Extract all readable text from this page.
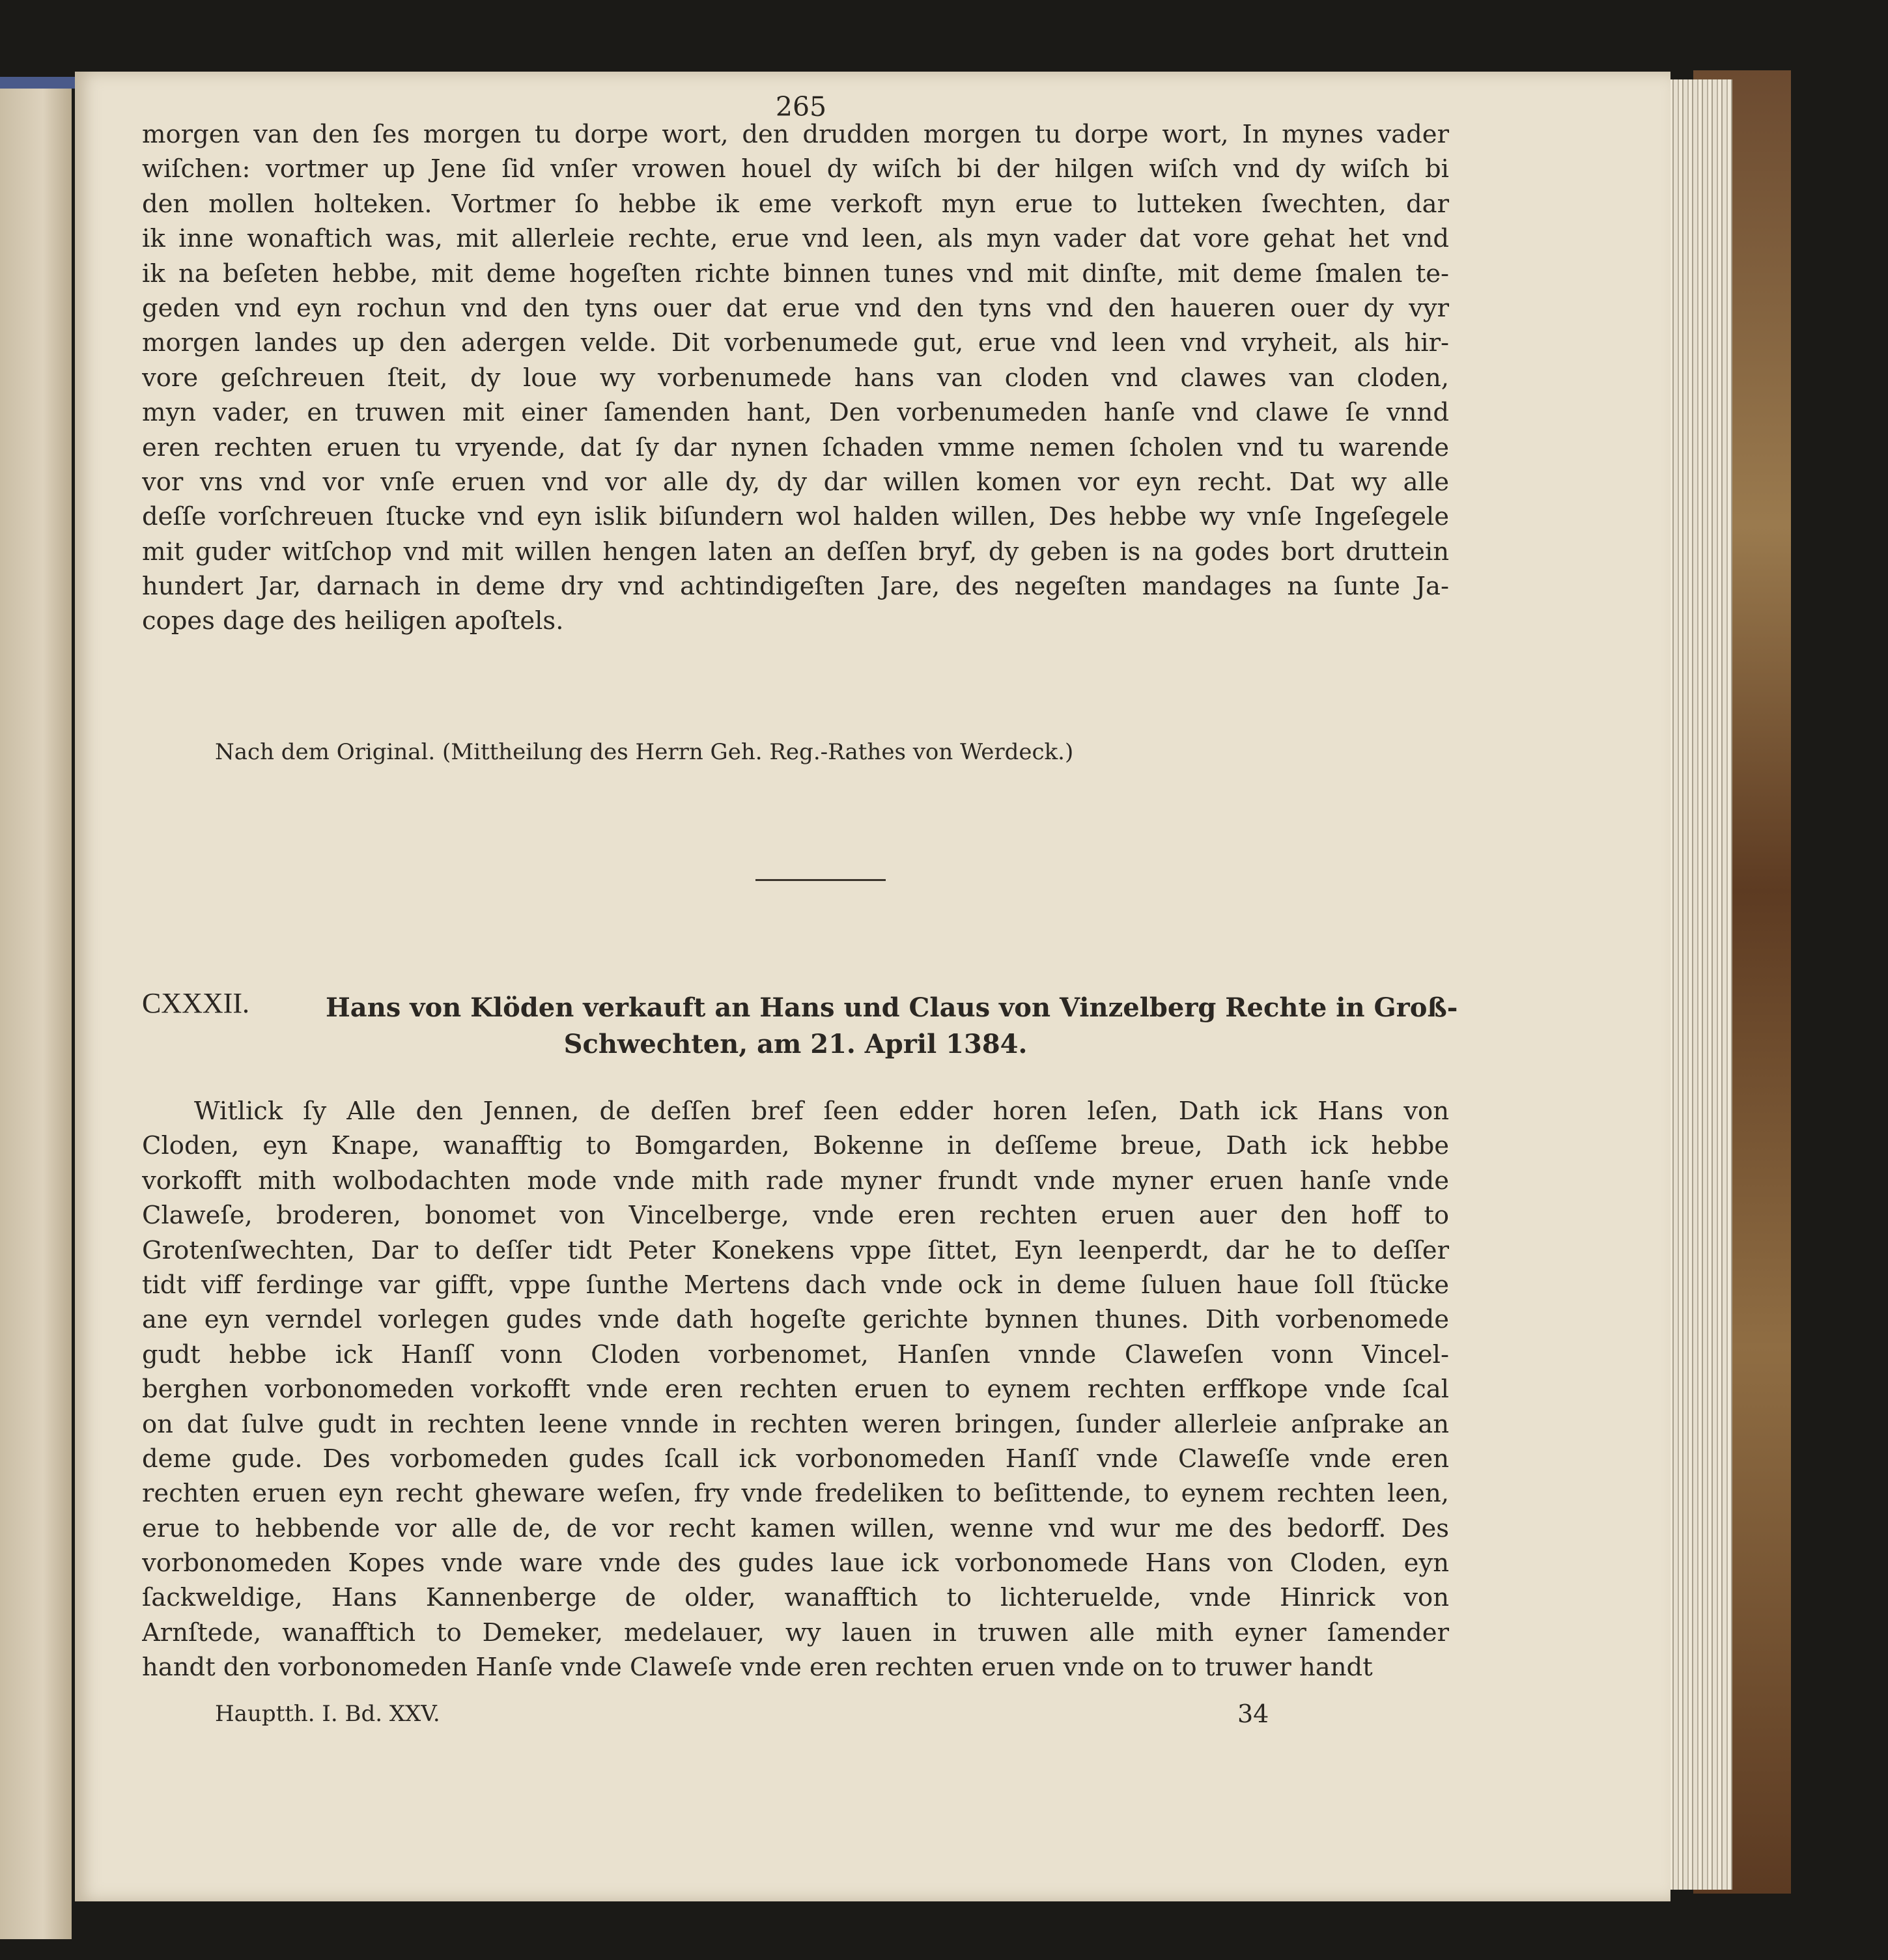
265
morgen van den ſes morgen tu dorpe wort, den drudden morgen tu dorpe wort, In mynes vader
wiſchen: vortmer up Jene ſid vnſer vrowen houel dy wiſch bi der hilgen wiſch vnd dy wiſch bi
den mollen holteken. Vortmer ſo hebbe ik eme verkoft myn erue to lutteken ſwechten, dar
ik inne wonaftich was, mit allerleie rechte, erue vnd leen, als myn vader dat vore gehat het vnd
ik na beſeten hebbe, mit deme hogeſten richte binnen tunes vnd mit dinſte, mit deme ſmalen te-
geden vnd eyn rochun vnd den tyns ouer dat erue vnd den tyns vnd den haueren ouer dy vyr
morgen landes up den adergen velde. Dit vorbenumede gut, erue vnd leen vnd vryheit, als hir-
vore geſchreuen ſteit, dy loue wy vorbenumede hans van cloden vnd clawes van cloden,
myn vader, en truwen mit einer ſamenden hant, Den vorbenumeden hanſe vnd clawe ſe vnnd
eren rechten eruen tu vryende, dat ſy dar nynen ſchaden vmme nemen ſcholen vnd tu warende
vor vns vnd vor vnſe eruen vnd vor alle dy, dy dar willen komen vor eyn recht. Dat wy alle
deſſe vorſchreuen ſtucke vnd eyn islik biſundern wol halden willen, Des hebbe wy vnſe Ingeſegele
mit guder witſchop vnd mit willen hengen laten an deſſen bryf, dy geben is na godes bort druttein
hundert Jar, darnach in deme dry vnd achtindigeſten Jare, des negeſten mandages na ſunte Ja-
copes dage des heiligen apoſtels.
Nach dem Original. (Mittheilung des Herrn Geh. Reg.-Rathes von Werdeck.)
CXXXII.	Hans von Klöden verkauft an Hans und Claus von Vinzelberg Rechte in Groß-
Schwechten, am 21. April 1384.
Witlick ſy Alle den Jennen, de deſſen bref ſeen edder horen leſen, Dath ick Hans von
Cloden, eyn Knape, wanafftig to Bomgarden, Bokenne in deſſeme breue, Dath ick hebbe
vorkofft mith wolbodachten mode vnde mith rade myner frundt vnde myner eruen hanſe vnde
Claweſe, broderen, bonomet von Vincelberge, vnde eren rechten eruen auer den hoff to
Grotenſwechten, Dar to deſſer tidt Peter Konekens vppe ſittet, Eyn leenperdt, dar he to deſſer
tidt viff ferdinge var gifft, vppe ſunthe Mertens dach vnde ock in deme ſuluen haue ſoll ſtücke
ane eyn verndel vorlegen gudes vnde dath hogeſte gerichte bynnen thunes. Dith vorbenomede
gudt hebbe ick Hanſſ vonn Cloden vorbenomet, Hanſen vnnde Claweſen vonn Vincel-
berghen vorbonomeden vorkofft vnde eren rechten eruen to eynem rechten erffkope vnde ſcal
on dat ſulve gudt in rechten leene vnnde in rechten weren bringen, ſunder allerleie anſprake an
deme gude. Des vorbomeden gudes ſcall ick vorbonomeden Hanſſ vnde Claweſſe vnde eren
rechten eruen eyn recht gheware weſen, fry vnde fredeliken to beſittende, to eynem rechten leen,
erue to hebbende vor alle de, de vor recht kamen willen, wenne vnd wur me des bedorff. Des
vorbonomeden Kopes vnde ware vnde des gudes laue ick vorbonomede Hans von Cloden, eyn
ſackweldige, Hans Kannenberge de older, wanafftich to lichteruelde, vnde Hinrick von
Arnſtede, wanafftich to Demeker, medelauer, wy lauen in truwen alle mith eyner ſamender
handt den vorbonomeden Hanſe vnde Claweſe vnde eren rechten eruen vnde on to truwer handt
Hauptth. I. Bd. XXV.	34
